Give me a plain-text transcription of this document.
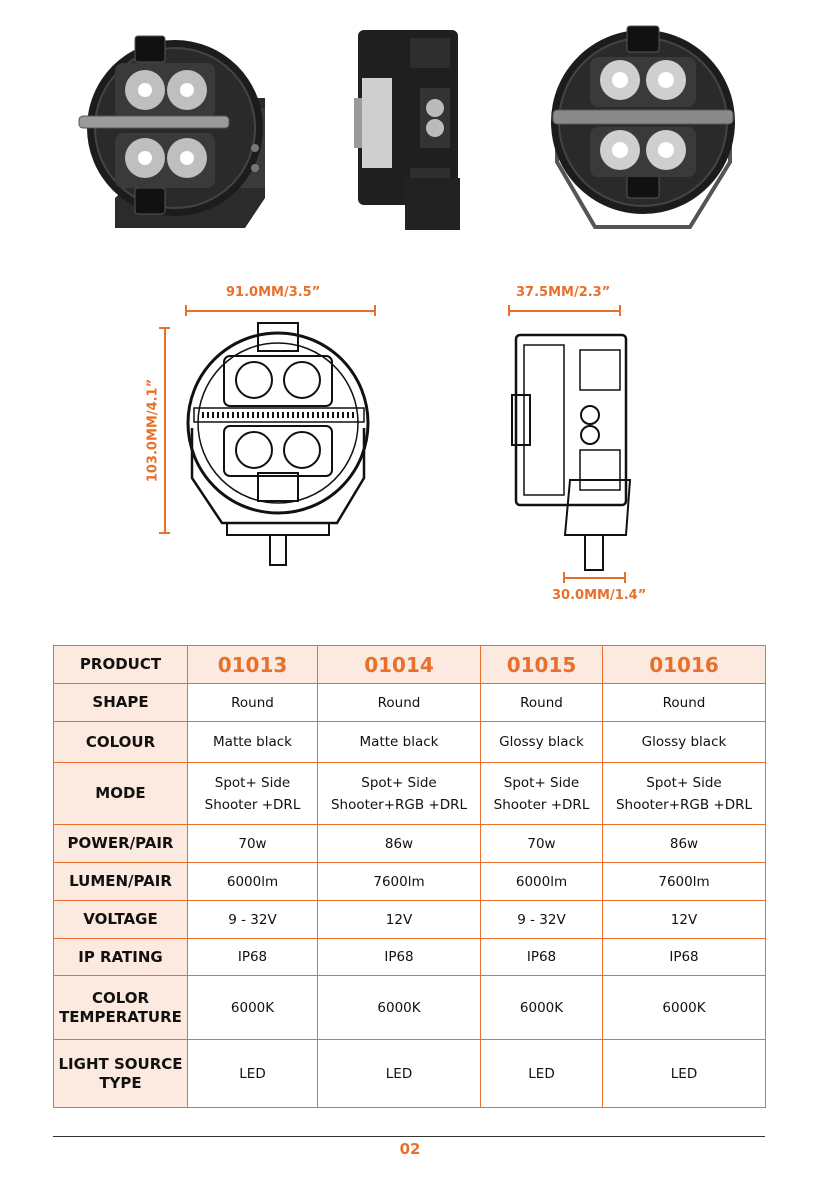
91.0MM/3.5”
103.0MM/4.1”
37.5MM/2.3”
30.0MM/1.4”
PRODUCT	01013	01014	01015	01016
SHAPE	Round	Round	Round	Round
COLOUR	Matte black	Matte black	Glossy black	Glossy black
MODE	Spot+ Side Shooter +DRL	Spot+ Side Shooter+RGB +DRL	Spot+ Side Shooter +DRL	Spot+ Side Shooter+RGB +DRL
POWER/PAIR	70w	86w	70w	86w
LUMEN/PAIR	6000lm	7600lm	6000lm	7600lm
VOLTAGE	9 - 32V	12V	9 - 32V	12V
IP RATING	IP68	IP68	IP68	IP68
COLOR TEMPERATURE	6000K	6000K	6000K	6000K
LIGHT SOURCE TYPE	LED	LED	LED	LED
02
